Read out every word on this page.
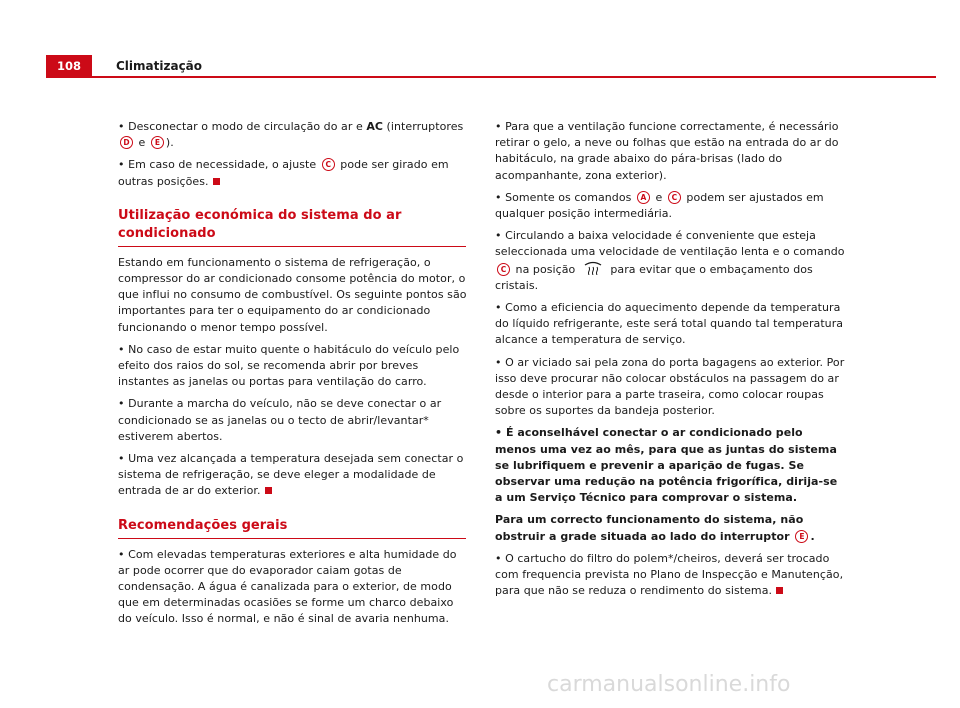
108	Climatização

• Desconectar o modo de circulação do ar e AC (interruptores D e E ).

• Em caso de necessidade, o ajuste C pode ser girado em outras posições.

Utilização económica do sistema do ar condicionado

Estando em funcionamento o sistema de refrigeração, o compressor do ar condicionado consome potência do motor, o que influi no consumo de combustível. Os seguinte pontos são importantes para ter o equipamento do ar condicionado funcionando o menor tempo possível.

• No caso de estar muito quente o habitáculo do veículo pelo efeito dos raios do sol, se recomenda abrir por breves instantes as janelas ou portas para ventilação do carro.

• Durante a marcha do veículo, não se deve conectar o ar condicionado se as janelas ou o tecto de abrir/levantar* estiverem abertos.

• Uma vez alcançada a temperatura desejada sem conectar o sistema de refrigeração, se deve eleger a modalidade de entrada de ar do exterior.

Recomendações gerais

• Com elevadas temperaturas exteriores e alta humidade do ar pode ocorrer que do evaporador caiam gotas de condensação. A água é canalizada para o exterior, de modo que em determinadas ocasiões se forme um charco debaixo do veículo. Isso é normal, e não é sinal de avaria nenhuma.

• Para que a ventilação funcione correctamente, é necessário retirar o gelo, a neve ou folhas que estão na entrada do ar do habitáculo, na grade abaixo do pára-brisas (lado do acompanhante, zona exterior).

• Somente os comandos A e C podem ser ajustados em qualquer posição intermediária.

• Circulando a baixa velocidade é conveniente que esteja seleccionada uma velocidade de ventilação lenta e o comando C na posição	para evitar que o embaçamento dos cristais.

• Como a eficiencia do aquecimento depende da temperatura do líquido refrigerante, este será total quando tal temperatura alcance a temperatura de serviço.

• O ar viciado sai pela zona do porta bagagens ao exterior. Por isso deve procurar não colocar obstáculos na passagem do ar desde o interior para a parte traseira, como colocar roupas sobre os suportes da bandeja posterior.

• É aconselhável conectar o ar condicionado pelo menos uma vez ao mês, para que as juntas do sistema se lubrifiquem e prevenir a aparição de fugas. Se observar uma redução na potência frigorífica, dirija-se a um Serviço Técnico para comprovar o sistema.

Para um correcto funcionamento do sistema, não obstruir a grade situada ao lado do interruptor E .

• O cartucho do filtro do polem*/cheiros, deverá ser trocado com frequencia prevista no Plano de Inspecção e Manutenção, para que não se reduza o rendimento do sistema.

carmanualsonline.info
